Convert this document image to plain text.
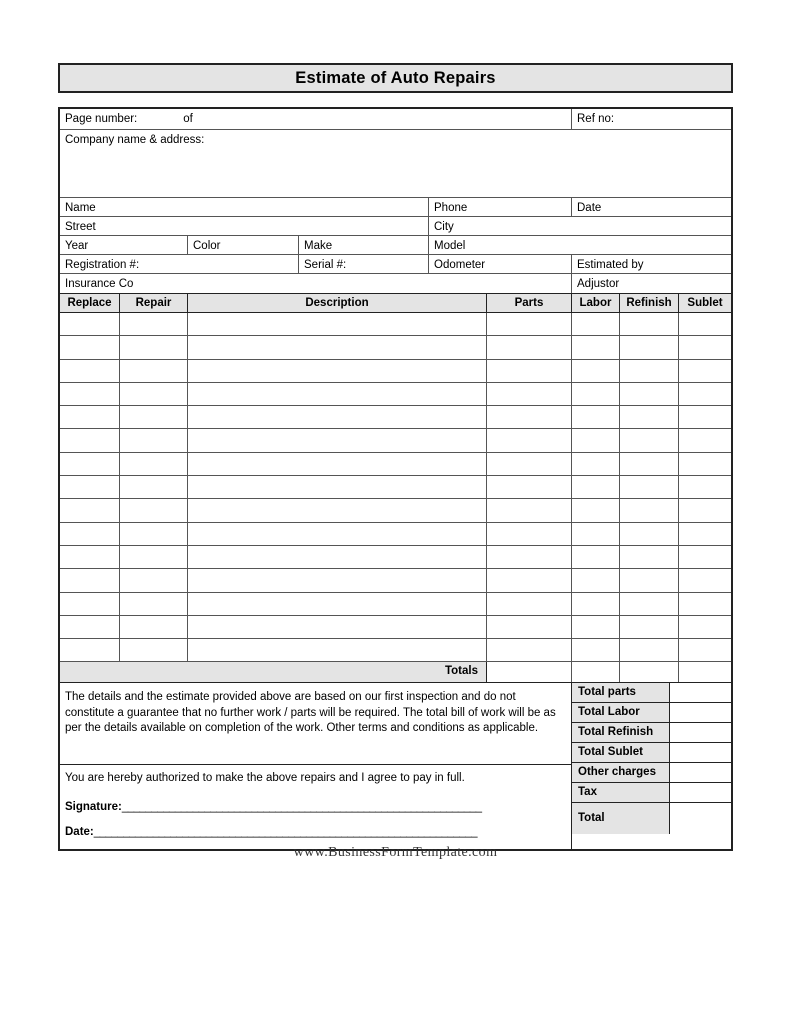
Estimate of Auto Repairs
Page number:	of	Ref no:
Company name & address:
Name	Phone	Date
Street	City
Year	Color	Make	Model
Registration #:	Serial #:	Odometer	Estimated by
Insurance Co	Adjustor
Replace	Repair	Description	Parts	Labor	Refinish	Sublet
Totals
The details and the estimate provided above are based on our first inspection and do not constitute a guarantee that no further work / parts will be required. The total bill of work will be as per the details available on completion of the work. Other terms and conditions as applicable.
You are hereby authorized to make the above repairs and I agree to pay in full.
Signature:_____________________________________________________________
Date:_________________________________________________________________
Total parts
Total Labor
Total Refinish
Total Sublet
Other charges
Tax
Total
www.BusinessFormTemplate.com
